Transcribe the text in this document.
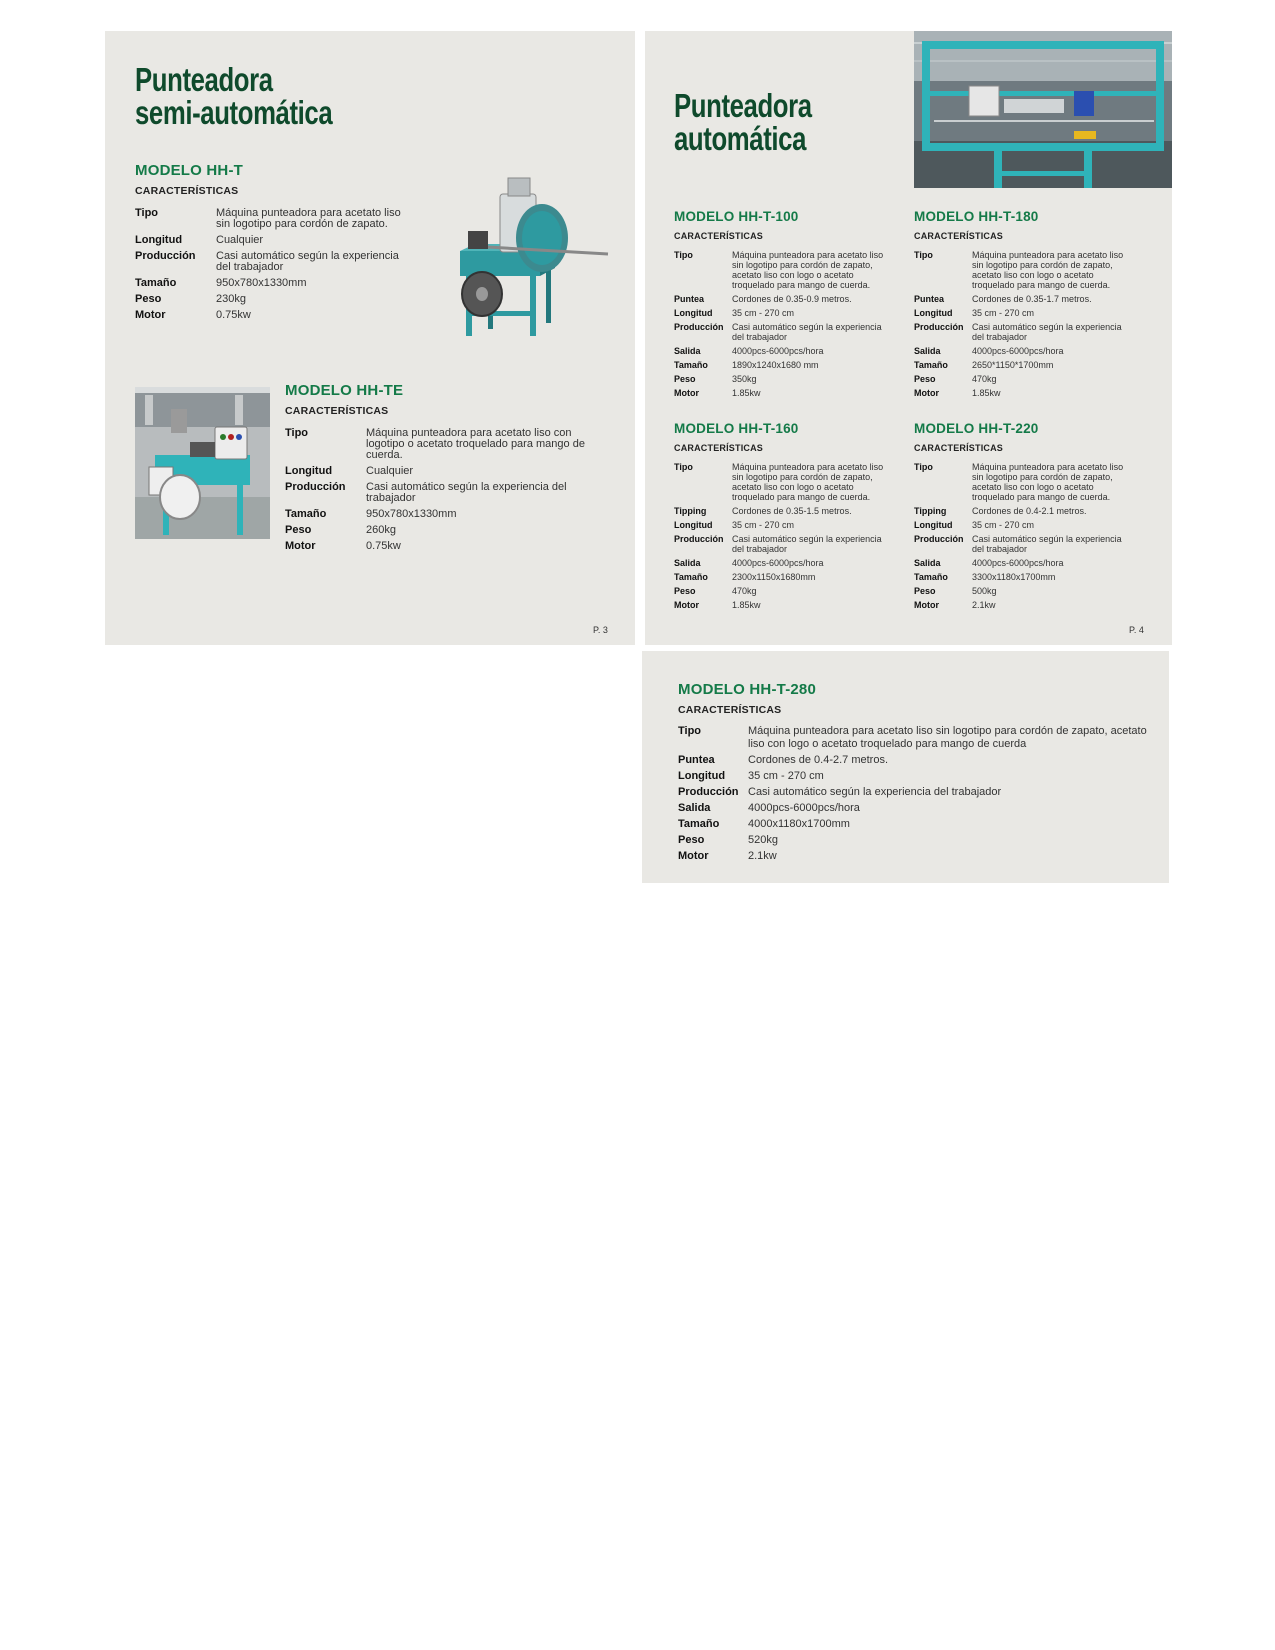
Punteadora
semi-automática
MODELO HH-T
CARACTERÍSTICAS
Tipo	Máquina punteadora para acetato liso sin logotipo para cordón de zapato.
Longitud	Cualquier
Producción	Casi automático según la experiencia del trabajador
Tamaño	950x780x1330mm
Peso	230kg
Motor	0.75kw
MODELO HH-TE
CARACTERÍSTICAS
Tipo	Máquina punteadora para acetato liso con logotipo o acetato troquelado para mango de cuerda.
Longitud	Cualquier
Producción	Casi automático según la experiencia del trabajador
Tamaño	950x780x1330mm
Peso	260kg
Motor	0.75kw
P. 3
Punteadora
automática
MODELO HH-T-100
CARACTERÍSTICAS
Tipo	Máquina punteadora para acetato liso sin logotipo para cordón de zapato, acetato liso con logo o acetato troquelado para mango de cuerda.
Puntea	Cordones de 0.35-0.9 metros.
Longitud	35 cm - 270 cm
Producción Casi automático según la experiencia del trabajador
Salida	4000pcs-6000pcs/hora
Tamaño	1890x1240x1680 mm
Peso	350kg
Motor	1.85kw
MODELO HH-T-180
CARACTERÍSTICAS
Tipo	Máquina punteadora para acetato liso sin logotipo para cordón de zapato, acetato liso con logo o acetato troquelado para mango de cuerda.
Puntea	Cordones de 0.35-1.7 metros.
Longitud	35 cm - 270 cm
Producción Casi automático según la experiencia del trabajador
Salida	4000pcs-6000pcs/hora
Tamaño	2650*1150*1700mm
Peso	470kg
Motor	1.85kw
MODELO HH-T-160
CARACTERÍSTICAS
Tipo	Máquina punteadora para acetato liso sin logotipo para cordón de zapato, acetato liso con logo o acetato troquelado para mango de cuerda.
Tipping	Cordones de 0.35-1.5 metros.
Longitud	35 cm - 270 cm
Producción Casi automático según la experiencia del trabajador
Salida	4000pcs-6000pcs/hora
Tamaño	2300x1150x1680mm
Peso	470kg
Motor	1.85kw
MODELO HH-T-220
CARACTERÍSTICAS
Tipo	Máquina punteadora para acetato liso sin logotipo para cordón de zapato, acetato liso con logo o acetato troquelado para mango de cuerda.
Tipping	Cordones de 0.4-2.1 metros.
Longitud	35 cm - 270 cm
Producción Casi automático según la experiencia del trabajador
Salida	4000pcs-6000pcs/hora
Tamaño	3300x1180x1700mm
Peso	500kg
Motor	2.1kw
P. 4
MODELO HH-T-280
CARACTERÍSTICAS
Tipo	Máquina punteadora para acetato liso sin logotipo para cordón de zapato, acetato liso con logo o acetato troquelado para mango de cuerda
Puntea	Cordones de 0.4-2.7 metros.
Longitud	35 cm - 270 cm
Producción Casi automático según la experiencia del trabajador
Salida	4000pcs-6000pcs/hora
Tamaño	4000x1180x1700mm
Peso	520kg
Motor	2.1kw
